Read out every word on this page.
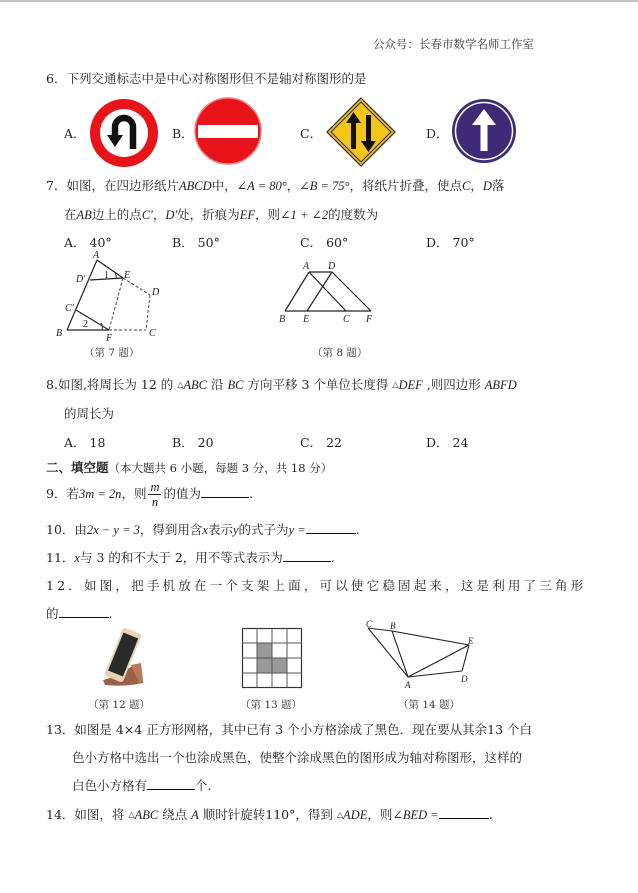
公众号：长春市数学名师工作室
6．下列交通标志中是中心对称图形但不是轴对称图形的是
A．	B．	C．	D．
7．如图，在四边形纸片ABCD中，∠A = 80°，∠B = 75°，将纸片折叠，使点C，D落
在AB边上的点C′，D′处，折痕为EF，则∠1 + ∠2的度数为
A． 40°	B． 50°	C． 60°	D． 70°
A
B	C
D
E
F
C′
D′ 1
2
（第 7 题）
A D
B E	C F
（第 8 题）
8.如图,将周长为 12 的 △ABC 沿 BC 方向平移 3 个单位长度得 △DEF ,则四边形 ABFD
的周长为
A． 18	B． 20	C． 22	D． 24
二、填空题（本大题共 6 小题，每题 3 分，共 18 分）
9．若3m = 2n，则 $\frac{m}{n}$ 的值为	.
10．由2x − y = 3，得到用含x表示y的式子为y =	.
11．x与 3 的和不大于 2，用不等式表示为	.
12．如图，把手机放在一个支架上面，可以使它稳固起来，这是利用了三角形
的	.
（第 12 题）	（第 13 题）
C B
E
D
A
（第 14 题）
13．如图是 4×4 正方形网格，其中已有 3 个小方格涂成了黑色．现在要从其余13 个白
色小方格中选出一个也涂成黑色，使整个涂成黑色的图形成为轴对称图形，这样的
白色小方格有	个.
14．如图，将 △ABC 绕点 A 顺时针旋转110°，得到 △ADE，则∠BED =	.
